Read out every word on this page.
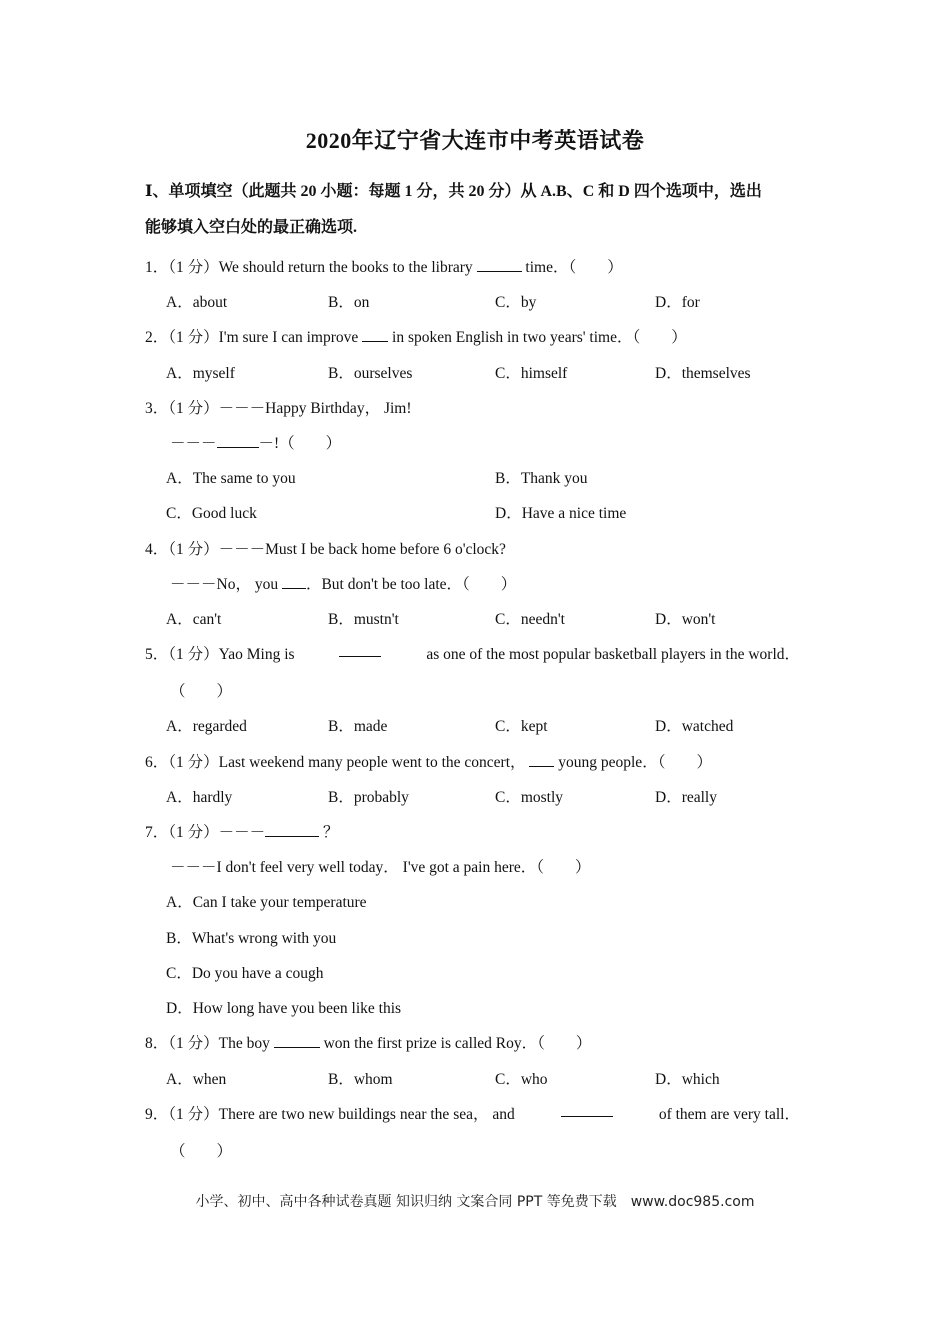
2020年辽宁省大连市中考英语试卷
Ⅰ、单项填空（此题共 20 小题：每题 1 分，共 20 分）从 A.B、C 和 D 四个选项中，选出
能够填入空白处的最正确选项.
1．（1 分）We should return the books to the library	time．（　　）
A．about	B．on	C．by	D．for
2．（1 分）I'm sure I can improve  in spoken English in two years' time．（　　）
A．myself	B．ourselves	C．himself	D．themselves
3．（1 分）－－－Happy Birthday， Jim!
－－－	－!（　　）
A．The same to you	B．Thank you
C．Good luck	D．Have a nice time
4．（1 分）－－－Must I be back home before 6 o'clock?
－－－No， you ．But don't be too late．（　　）
A．can't	B．mustn't	C．needn't	D．won't
5．（1 分）Yao Ming is	as one of the most popular basketball players in the world．
（　　）
A．regarded	B．made	C．kept	D．watched
6．（1 分）Last weekend many people went to the concert，  young people．（　　）
A．hardly	B．probably	C．mostly	D．really
7．（1 分）－－－	？
－－－I don't feel very well today． I've got a pain here．（　　）
A．Can I take your temperature
B．What's wrong with you
C．Do you have a cough
D．How long have you been like this
8．（1 分）The boy	won the first prize is called Roy．（　　）
A．when	B．whom	C．who	D．which
9．（1 分）There are two new buildings near the sea， and	of them are very tall．
（　　）
小学、初中、高中各种试卷真题 知识归纳 文案合同 PPT 等免费下载　www.doc985.com
